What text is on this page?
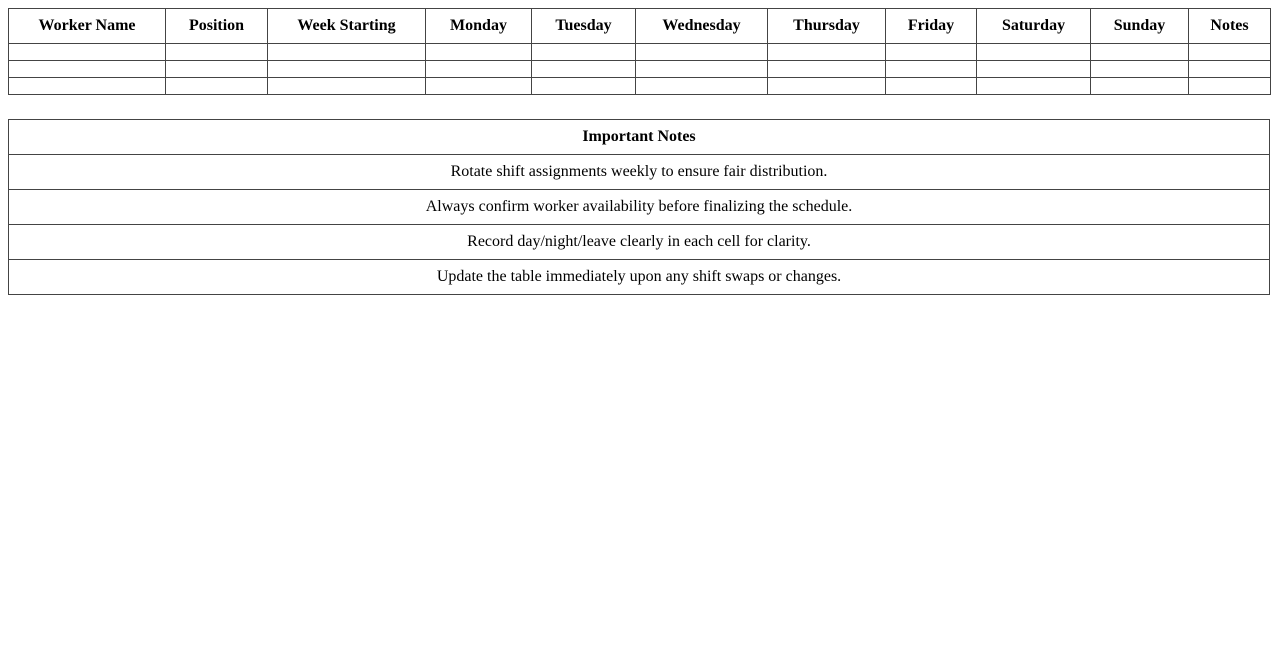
Worker Name	Position	Week Starting	Monday	Tuesday	Wednesday	Thursday	Friday	Saturday	Sunday	Notes

Important Notes
Rotate shift assignments weekly to ensure fair distribution.
Always confirm worker availability before finalizing the schedule.
Record day/night/leave clearly in each cell for clarity.
Update the table immediately upon any shift swaps or changes.
